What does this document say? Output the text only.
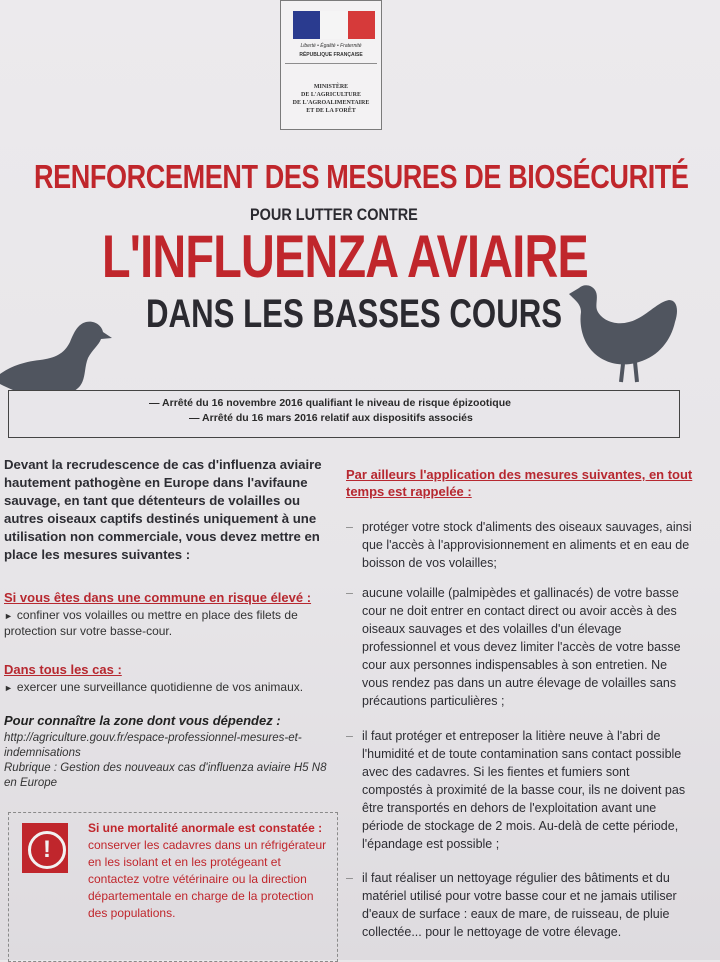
Liberté • Égalité • Fraternité
RÉPUBLIQUE FRANÇAISE
MINISTÈRE
DE L'AGRICULTURE
DE L'AGROALIMENTAIRE
ET DE LA FORÊT
RENFORCEMENT DES MESURES DE BIOSÉCURITÉ
POUR LUTTER CONTRE
L'INFLUENZA AVIAIRE
DANS LES BASSES COURS
— Arrêté du 16 novembre 2016 qualifiant le niveau de risque épizootique
— Arrêté du 16 mars 2016 relatif aux dispositifs associés
Devant la recrudescence de cas d'influenza aviaire hautement pathogène en Europe dans l'avifaune sauvage, en tant que détenteurs de volailles ou autres oiseaux captifs destinés uniquement à une utilisation non commerciale, vous devez mettre en place les mesures suivantes :
Si vous êtes dans une commune en risque élevé :
► confiner vos volailles ou mettre en place des filets de protection sur votre basse-cour.
Dans tous les cas :
► exercer une surveillance quotidienne de vos animaux.
Pour connaître la zone dont vous dépendez :
http://agriculture.gouv.fr/espace-professionnel-mesures-et-indemnisations
Rubrique : Gestion des nouveaux cas d'influenza aviaire H5 N8 en Europe
!
Si une mortalité anormale est constatée : conserver les cadavres dans un réfrigérateur en les isolant et en les protégeant et contactez votre vétérinaire ou la direction départementale en charge de la protection des populations.
Par ailleurs l'application des mesures suivantes, en tout temps est rappelée :
– protéger votre stock d'aliments des oiseaux sauvages, ainsi que l'accès à l'approvisionnement en aliments et en eau de boisson de vos volailles;
– aucune volaille (palmipèdes et gallinacés) de votre basse cour ne doit entrer en contact direct ou avoir accès à des oiseaux sauvages et des volailles d'un élevage professionnel et vous devez limiter l'accès de votre basse cour aux personnes indispensables à son entretien. Ne vous rendez pas dans un autre élevage de volailles sans précautions particulières ;
– il faut protéger et entreposer la litière neuve à l'abri de l'humidité et de toute contamination sans contact possible avec des cadavres. Si les fientes et fumiers sont compostés à proximité de la basse cour, ils ne doivent pas être transportés en dehors de l'exploitation avant une période de stockage de 2 mois. Au-delà de cette période, l'épandage est possible ;
– il faut réaliser un nettoyage régulier des bâtiments et du matériel utilisé pour votre basse cour et ne jamais utiliser d'eaux de surface : eaux de mare, de ruisseau, de pluie collectée... pour le nettoyage de votre élevage.
